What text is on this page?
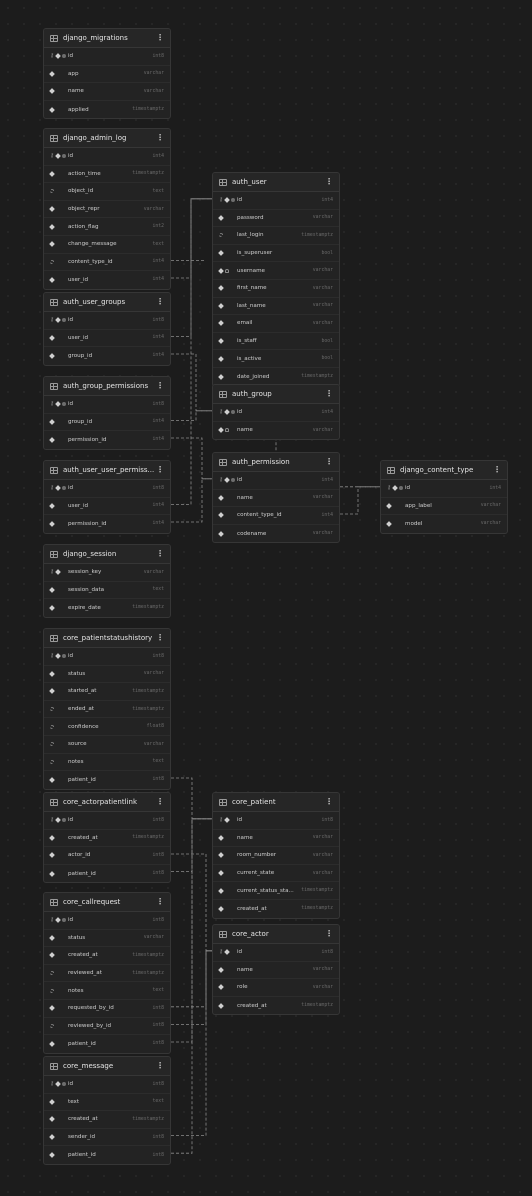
django_migrations	⋮
⚷ id	int8
app	varchar
name	varchar
applied	timestamptz
django_admin_log	⋮
⚷ id	int4
action_time	timestamptz
object_id	text
object_repr	varchar
action_flag	int2
change_message	text
content_type_id	int4
user_id	int4
auth_user_groups	⋮
⚷ id	int8
user_id	int4
group_id	int4
auth_group_permissions ⋮
⚷ id	int8
group_id	int4
permission_id	int4
auth_user_user_permiss... ⋮
⚷ id	int8
user_id	int4
permission_id	int4
django_session	⋮
⚷ session_key	varchar
session_data	text
expire_date	timestamptz
core_patientstatushistory ⋮
⚷ id	int8
status	varchar
started_at	timestamptz
ended_at	timestamptz
confidence	float8
source	varchar
notes	text
patient_id	int8
core_actorpatientlink	⋮
⚷ id	int8
created_at	timestamptz
actor_id	int8
patient_id	int8
core_callrequest	⋮
⚷ id	int8
status	varchar
created_at	timestamptz
reviewed_at	timestamptz
notes	text
requested_by_id	int8
reviewed_by_id	int8
patient_id	int8
core_message	⋮
⚷ id	int8
text	text
created_at	timestamptz
sender_id	int8
patient_id	int8
auth_user	⋮
⚷ id	int4
password	varchar
last_login	timestamptz
is_superuser	bool
username	varchar
first_name	varchar
last_name	varchar
email	varchar
is_staff	bool
is_active	bool
date_joined	timestamptz
auth_group	⋮
⚷ id	int4
name	varchar
auth_permission	⋮
⚷ id	int4
name	varchar
content_type_id	int4
codename	varchar
django_content_type	⋮
⚷ id	int4
app_label	varchar
model	varchar
core_patient	⋮
⚷ id	int8
name	varchar
room_number	varchar
current_state	varchar
current_status_sta...	timestamptz
created_at	timestamptz
core_actor	⋮
⚷ id	int8
name	varchar
role	varchar
created_at	timestamptz
